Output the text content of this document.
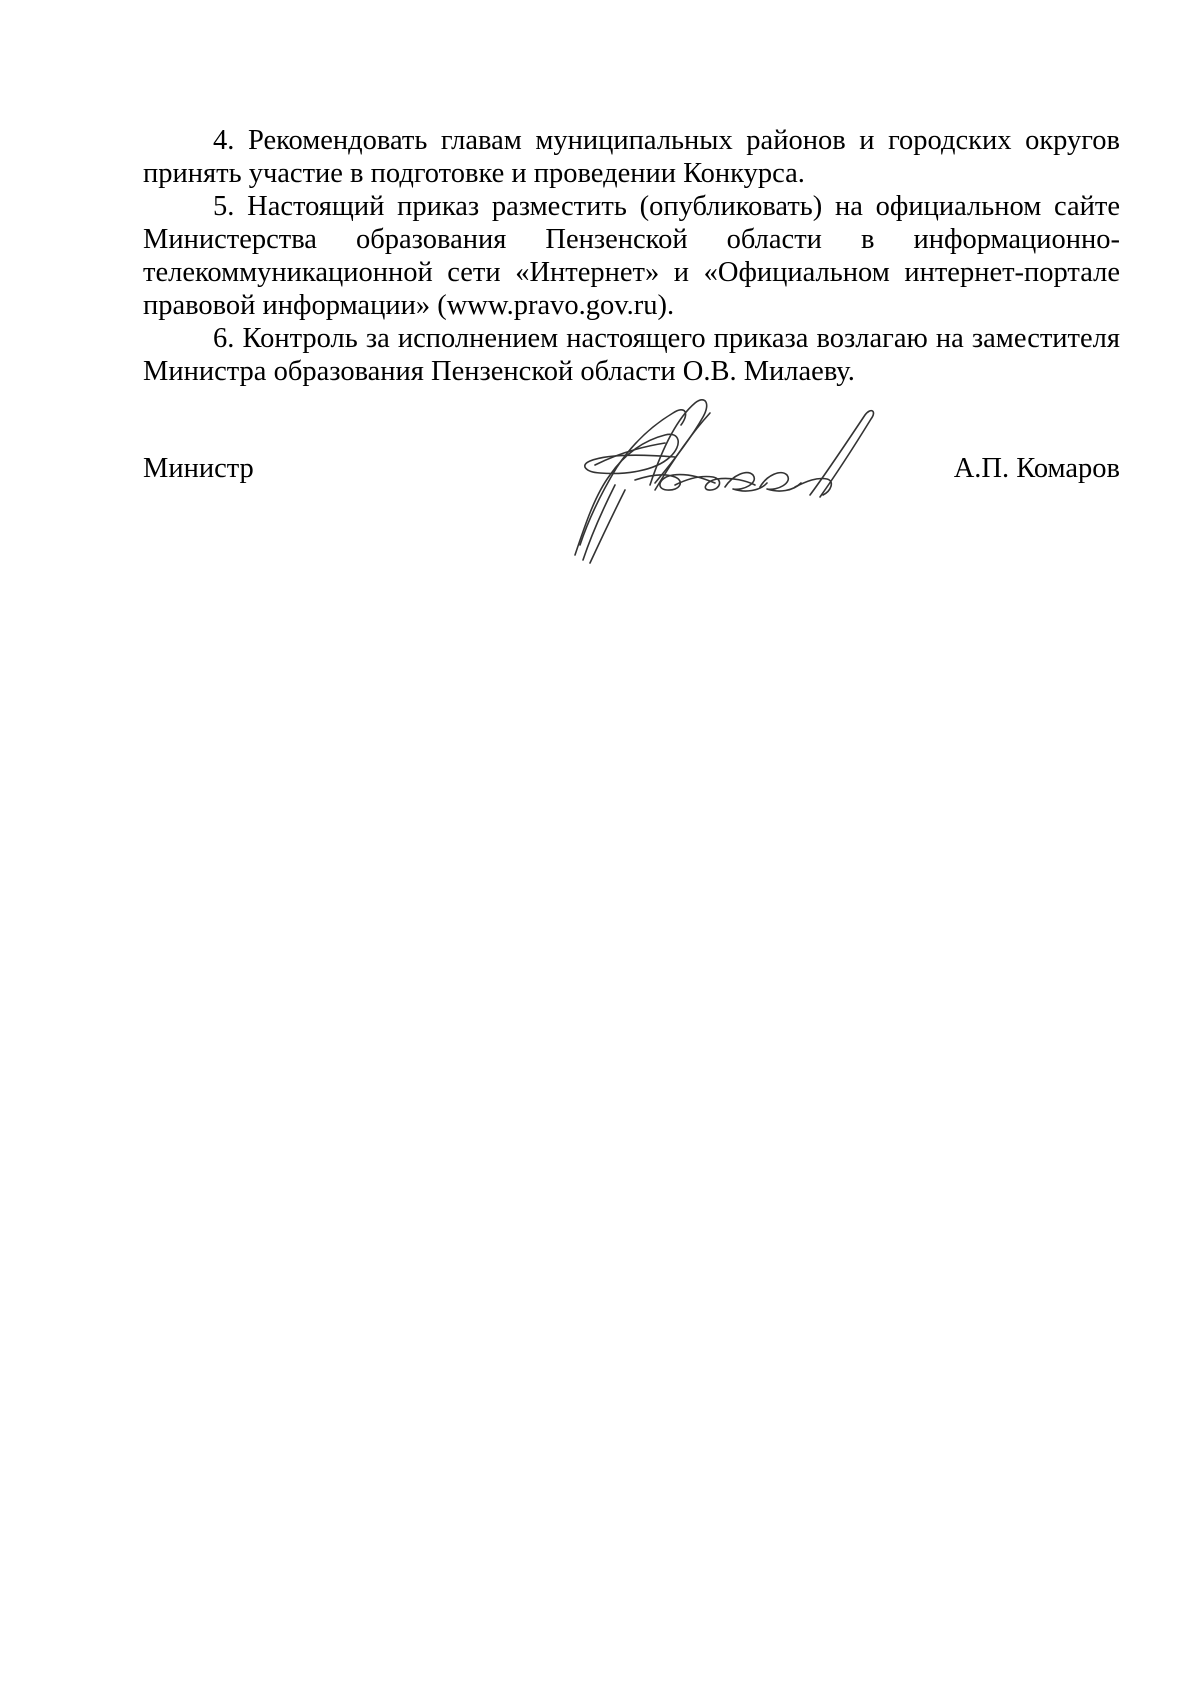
4. Рекомендовать главам муниципальных районов и городских округов принять участие в подготовке и проведении Конкурса.

5. Настоящий приказ разместить (опубликовать) на официальном сайте Министерства образования Пензенской области в информационно-телекоммуникационной сети «Интернет» и «Официальном интернет-портале правовой информации» (www.pravo.gov.ru).

6. Контроль за исполнением настоящего приказа возлагаю на заместителя Министра образования Пензенской области О.В. Милаеву.

Министр	А.П. Комаров
